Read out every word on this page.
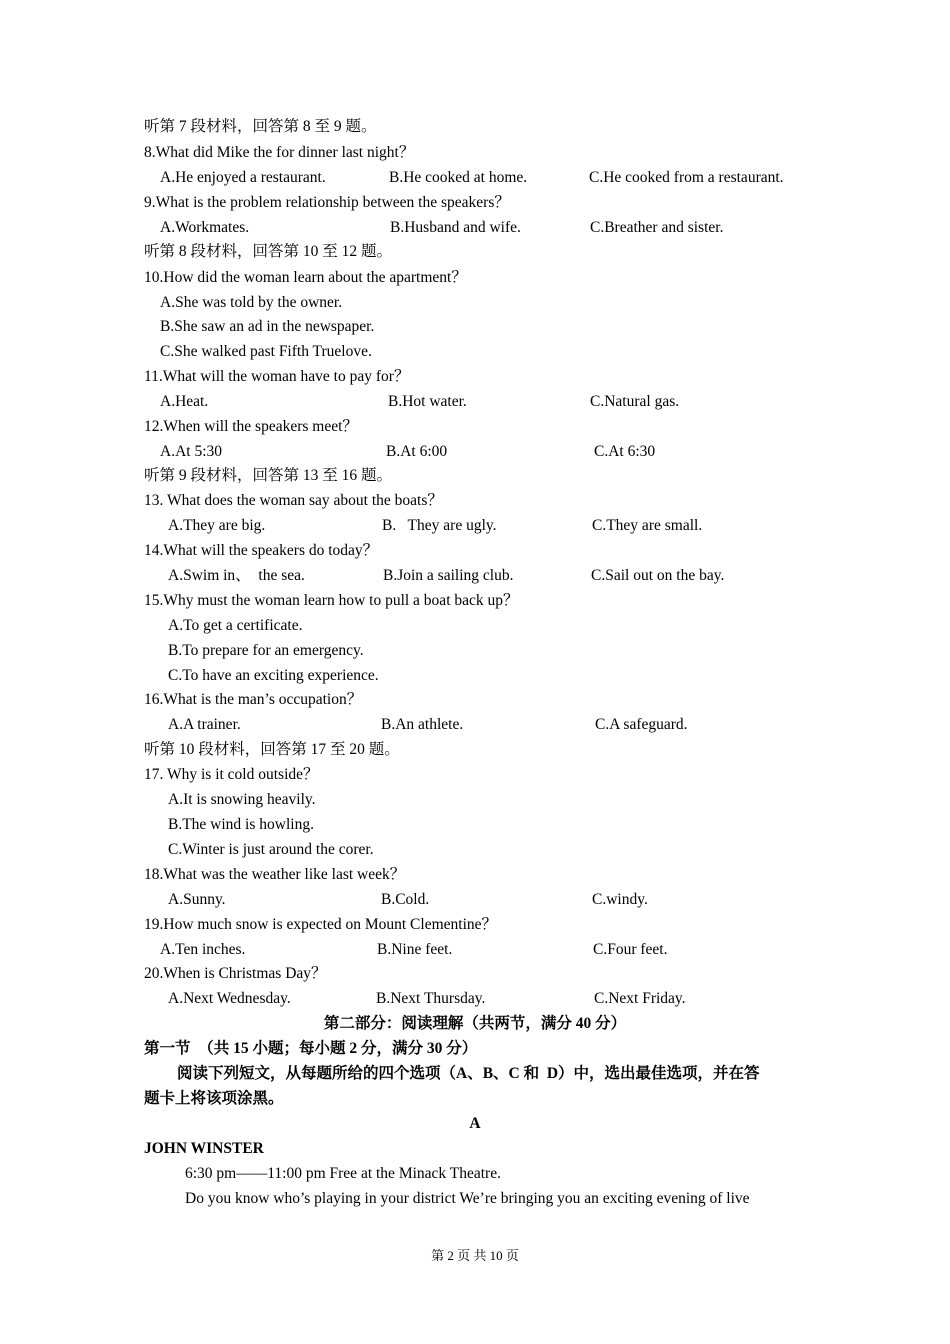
听第 7 段材料，回答第 8 至 9 题。
8.What did Mike the for dinner last night？
A.He enjoyed a restaurant.	B.He cooked at home.	C.He cooked from a restaurant.
9.What is the problem relationship between the speakers？
A.Workmates.	B.Husband and wife.	C.Breather and sister.
听第 8 段材料，回答第 10 至 12 题。
10.How did the woman learn about the apartment？
A.She was told by the owner.
B.She saw an ad in the newspaper.
C.She walked past Fifth Truelove.
11.What will the woman have to pay for？
A.Heat.	B.Hot water.	C.Natural gas.
12.When will the speakers meet？
A.At 5:30	B.At 6:00	C.At 6:30
听第 9 段材料，回答第 13 至 16 题。
13. What does the woman say about the boats？
A.They are big.	B.   They are ugly.	C.They are small.
14.What will the speakers do today？
A.Swim in、  the sea.	B.Join a sailing club.	C.Sail out on the bay.
15.Why must the woman learn how to pull a boat back up？
A.To get a certificate.
B.To prepare for an emergency.
C.To have an exciting experience.
16.What is the man’s occupation？
A.A trainer.	B.An athlete.	C.A safeguard.
听第 10 段材料，回答第 17 至 20 题。
17. Why is it cold outside？
A.It is snowing heavily.
B.The wind is howling.
C.Winter is just around the corer.
18.What was the weather like last week？
A.Sunny.	B.Cold.	C.windy.
19.How much snow is expected on Mount Clementine？
A.Ten inches.	B.Nine feet.	C.Four feet.
20.When is Christmas Day？
A.Next Wednesday.	B.Next Thursday.	C.Next Friday.
第二部分：阅读理解（共两节，满分 40 分）
第一节  （共 15 小题；每小题 2 分，满分 30 分）
阅读下列短文，从每题所给的四个选项（A、B、C 和  D）中，选出最佳选项，并在答
题卡上将该项涂黑。
A
JOHN WINSTER
6:30 pm——11:00 pm Free at the Minack Theatre.
Do you know who’s playing in your district We’re bringing you an exciting evening of live
第 2 页 共 10 页
